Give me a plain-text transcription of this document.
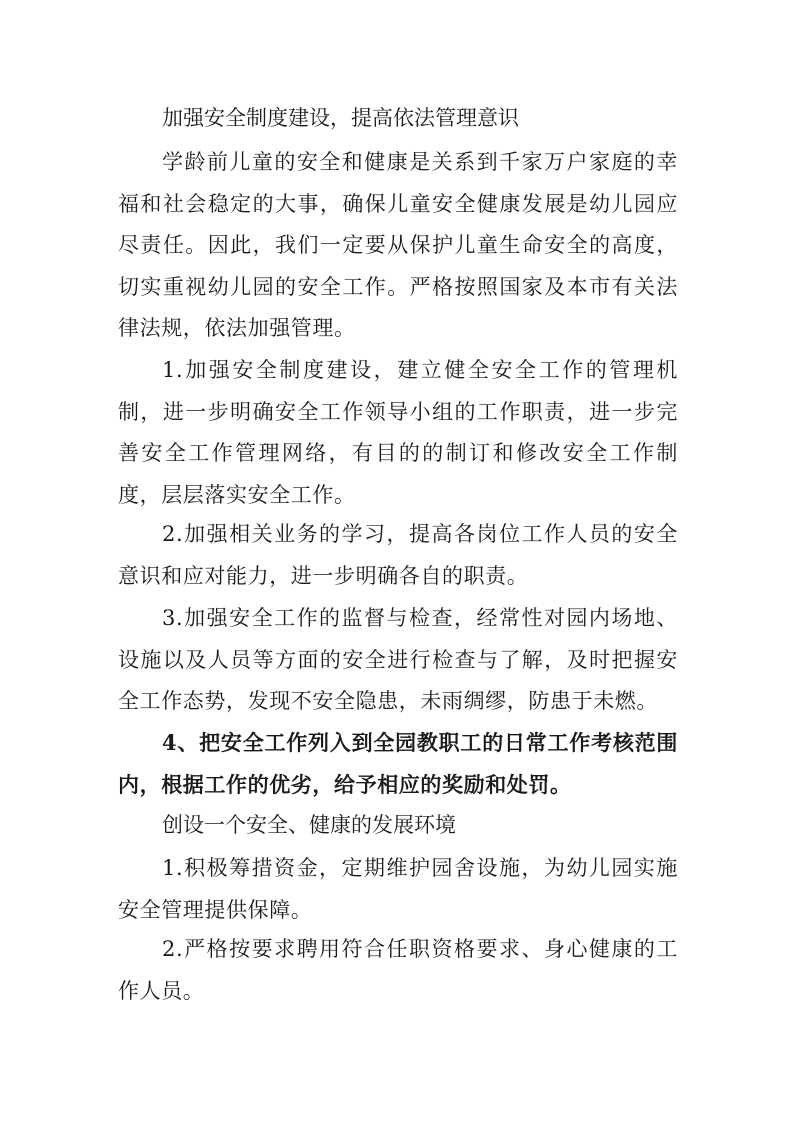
加强安全制度建设，提高依法管理意识

学龄前儿童的安全和健康是关系到千家万户家庭的幸福和社会稳定的大事，确保儿童安全健康发展是幼儿园应尽责任。因此，我们一定要从保护儿童生命安全的高度，切实重视幼儿园的安全工作。严格按照国家及本市有关法律法规，依法加强管理。

1.加强安全制度建设，建立健全安全工作的管理机制，进一步明确安全工作领导小组的工作职责，进一步完善安全工作管理网络，有目的的制订和修改安全工作制度，层层落实安全工作。

2.加强相关业务的学习，提高各岗位工作人员的安全意识和应对能力，进一步明确各自的职责。

3.加强安全工作的监督与检查，经常性对园内场地、设施以及人员等方面的安全进行检查与了解，及时把握安全工作态势，发现不安全隐患，未雨绸缪，防患于未燃。

4、把安全工作列入到全园教职工的日常工作考核范围内，根据工作的优劣，给予相应的奖励和处罚。

创设一个安全、健康的发展环境

1.积极筹措资金，定期维护园舍设施，为幼儿园实施安全管理提供保障。

2.严格按要求聘用符合任职资格要求、身心健康的工作人员。
